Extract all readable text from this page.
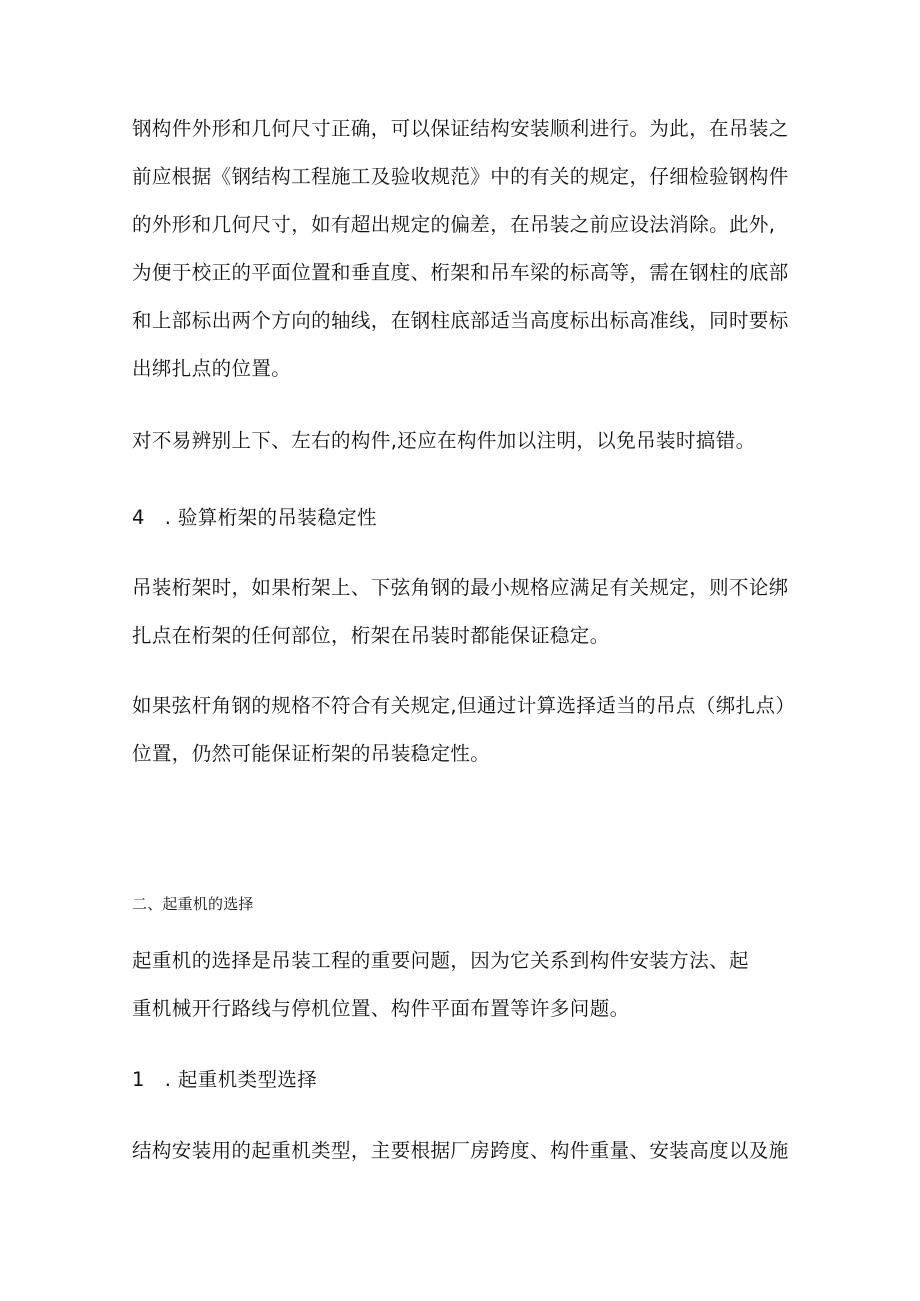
钢构件外形和几何尺寸正确，可以保证结构安装顺利进行。为此，在吊装之
前应根据《钢结构工程施工及验收规范》中的有关的规定，仔细检验钢构件
的外形和几何尺寸，如有超出规定的偏差，在吊装之前应设法消除。此外,
为便于校正的平面位置和垂直度、桁架和吊车梁的标高等，需在钢柱的底部
和上部标出两个方向的轴线，在钢柱底部适当高度标出标高准线，同时要标
出绑扎点的位置。
对不易辨别上下、左右的构件,还应在构件加以注明，以免吊装时搞错。
4　. 验算桁架的吊装稳定性
吊装桁架时，如果桁架上、下弦角钢的最小规格应满足有关规定，则不论绑
扎点在桁架的任何部位，桁架在吊装时都能保证稳定。
如果弦杆角钢的规格不符合有关规定,但通过计算选择适当的吊点（绑扎点）
位置，仍然可能保证桁架的吊装稳定性。
二、起重机的选择
起重机的选择是吊装工程的重要问题，因为它关系到构件安装方法、起
重机械开行路线与停机位置、构件平面布置等许多问题。
1　. 起重机类型选择
结构安装用的起重机类型，主要根据厂房跨度、构件重量、安装高度以及施
